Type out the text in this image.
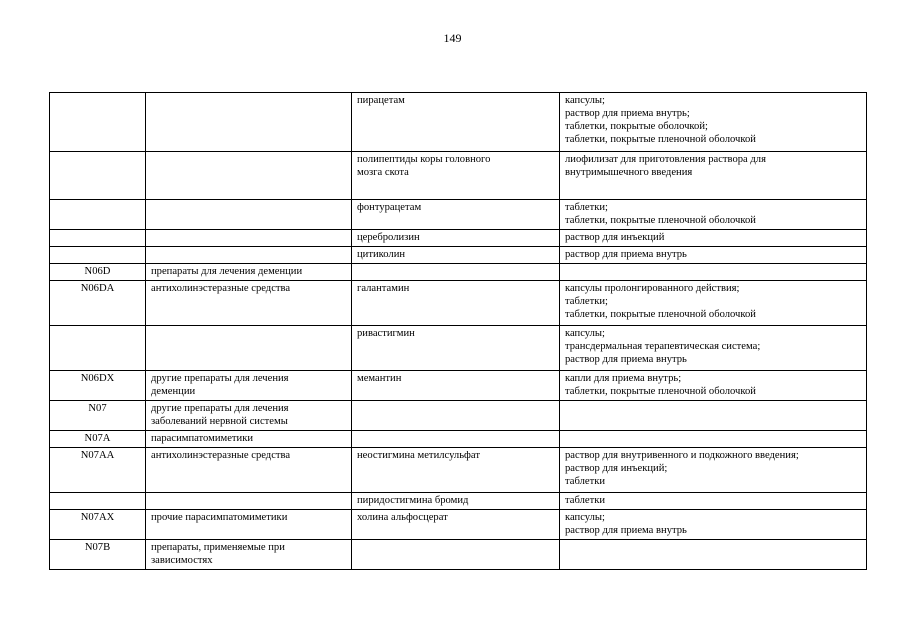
149

		пирацетам	капсулы;
раствор для приема внутрь;
таблетки, покрытые оболочкой;
таблетки, покрытые пленочной оболочкой

		полипептиды коры головного
мозга скота	лиофилизат для приготовления раствора для
внутримышечного введения

		фонтурацетам	таблетки;
таблетки, покрытые пленочной оболочкой

		церебролизин	раствор для инъекций

		цитиколин	раствор для приема внутрь

N06D	препараты для лечения деменции		

N06DA	антихолинэстеразные средства	галантамин	капсулы пролонгированного действия;
таблетки;
таблетки, покрытые пленочной оболочкой

		ривастигмин	капсулы;
трансдермальная терапевтическая система;
раствор для приема внутрь

N06DX	другие препараты для лечения
деменции	мемантин	капли для приема внутрь;
таблетки, покрытые пленочной оболочкой

N07	другие препараты для лечения
заболеваний нервной системы		

N07A	парасимпатомиметики		

N07AA	антихолинэстеразные средства	неостигмина метилсульфат	раствор для внутривенного и подкожного введения;
раствор для инъекций;
таблетки

		пиридостигмина бромид	таблетки

N07AX	прочие парасимпатомиметики	холина альфосцерат	капсулы;
раствор для приема внутрь

N07B	препараты, применяемые при
зависимостях		
